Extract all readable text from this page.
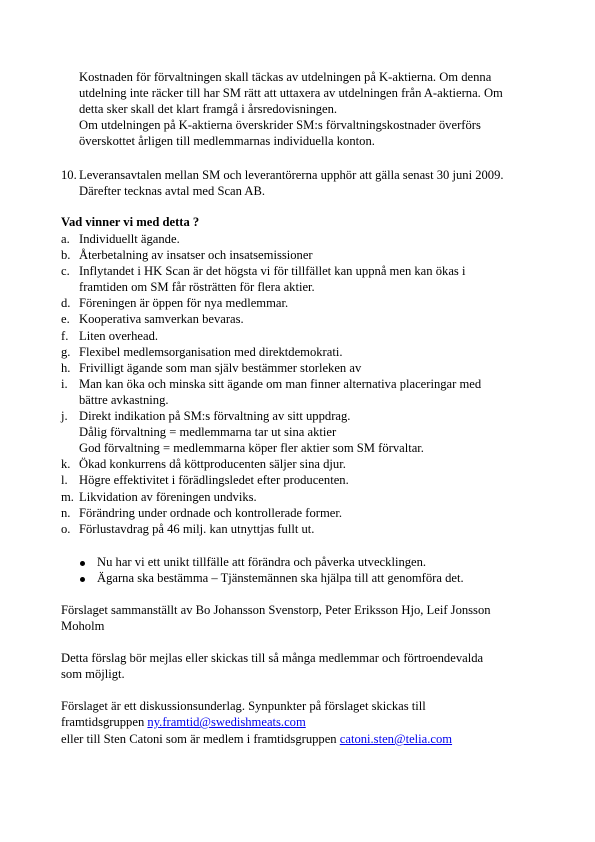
Kostnaden för förvaltningen skall täckas av utdelningen på K-aktierna. Om denna
utdelning inte räcker till har SM rätt att uttaxera av utdelningen från A-aktierna. Om
detta sker skall det klart framgå i årsredovisningen.
Om utdelningen på K-aktierna överskrider SM:s förvaltningskostnader överförs
överskottet årligen till medlemmarnas individuella konton.
10. Leveransavtalen mellan SM och leverantörerna upphör att gälla senast 30 juni 2009.
Därefter tecknas avtal med Scan AB.
Vad vinner vi med detta ?
a. Individuellt ägande.
b. Återbetalning av insatser och insatsemissioner
c. Inflytandet i HK Scan är det högsta vi för tillfället kan uppnå men kan ökas i
framtiden om SM får rösträtten för flera aktier.
d. Föreningen är öppen för nya medlemmar.
e. Kooperativa samverkan bevaras.
f. Liten overhead.
g. Flexibel medlemsorganisation med direktdemokrati.
h. Frivilligt ägande som man själv bestämmer storleken av
i. Man kan öka och minska sitt ägande om man finner alternativa placeringar med
bättre avkastning.
j. Direkt indikation på SM:s förvaltning av sitt uppdrag.
Dålig förvaltning = medlemmarna tar ut sina aktier
God förvaltning = medlemmarna köper fler aktier som SM förvaltar.
k. Ökad konkurrens då köttproducenten säljer sina djur.
l. Högre effektivitet i förädlingsledet efter producenten.
m. Likvidation av föreningen undviks.
n. Förändring under ordnade och kontrollerade former.
o. Förlustavdrag på 46 milj. kan utnyttjas fullt ut.
Nu har vi ett unikt tillfälle att förändra och påverka utvecklingen.
Ägarna ska bestämma – Tjänstemännen ska hjälpa till att genomföra det.
Förslaget sammanställt av Bo Johansson Svenstorp, Peter Eriksson Hjo, Leif Jonsson
Moholm
Detta förslag bör mejlas eller skickas till så många medlemmar och förtroendevalda
som möjligt.
Förslaget är ett diskussionsunderlag. Synpunkter på förslaget skickas till
framtidsgruppen ny.framtid@swedishmeats.com
eller till Sten Catoni som är medlem i framtidsgruppen catoni.sten@telia.com
